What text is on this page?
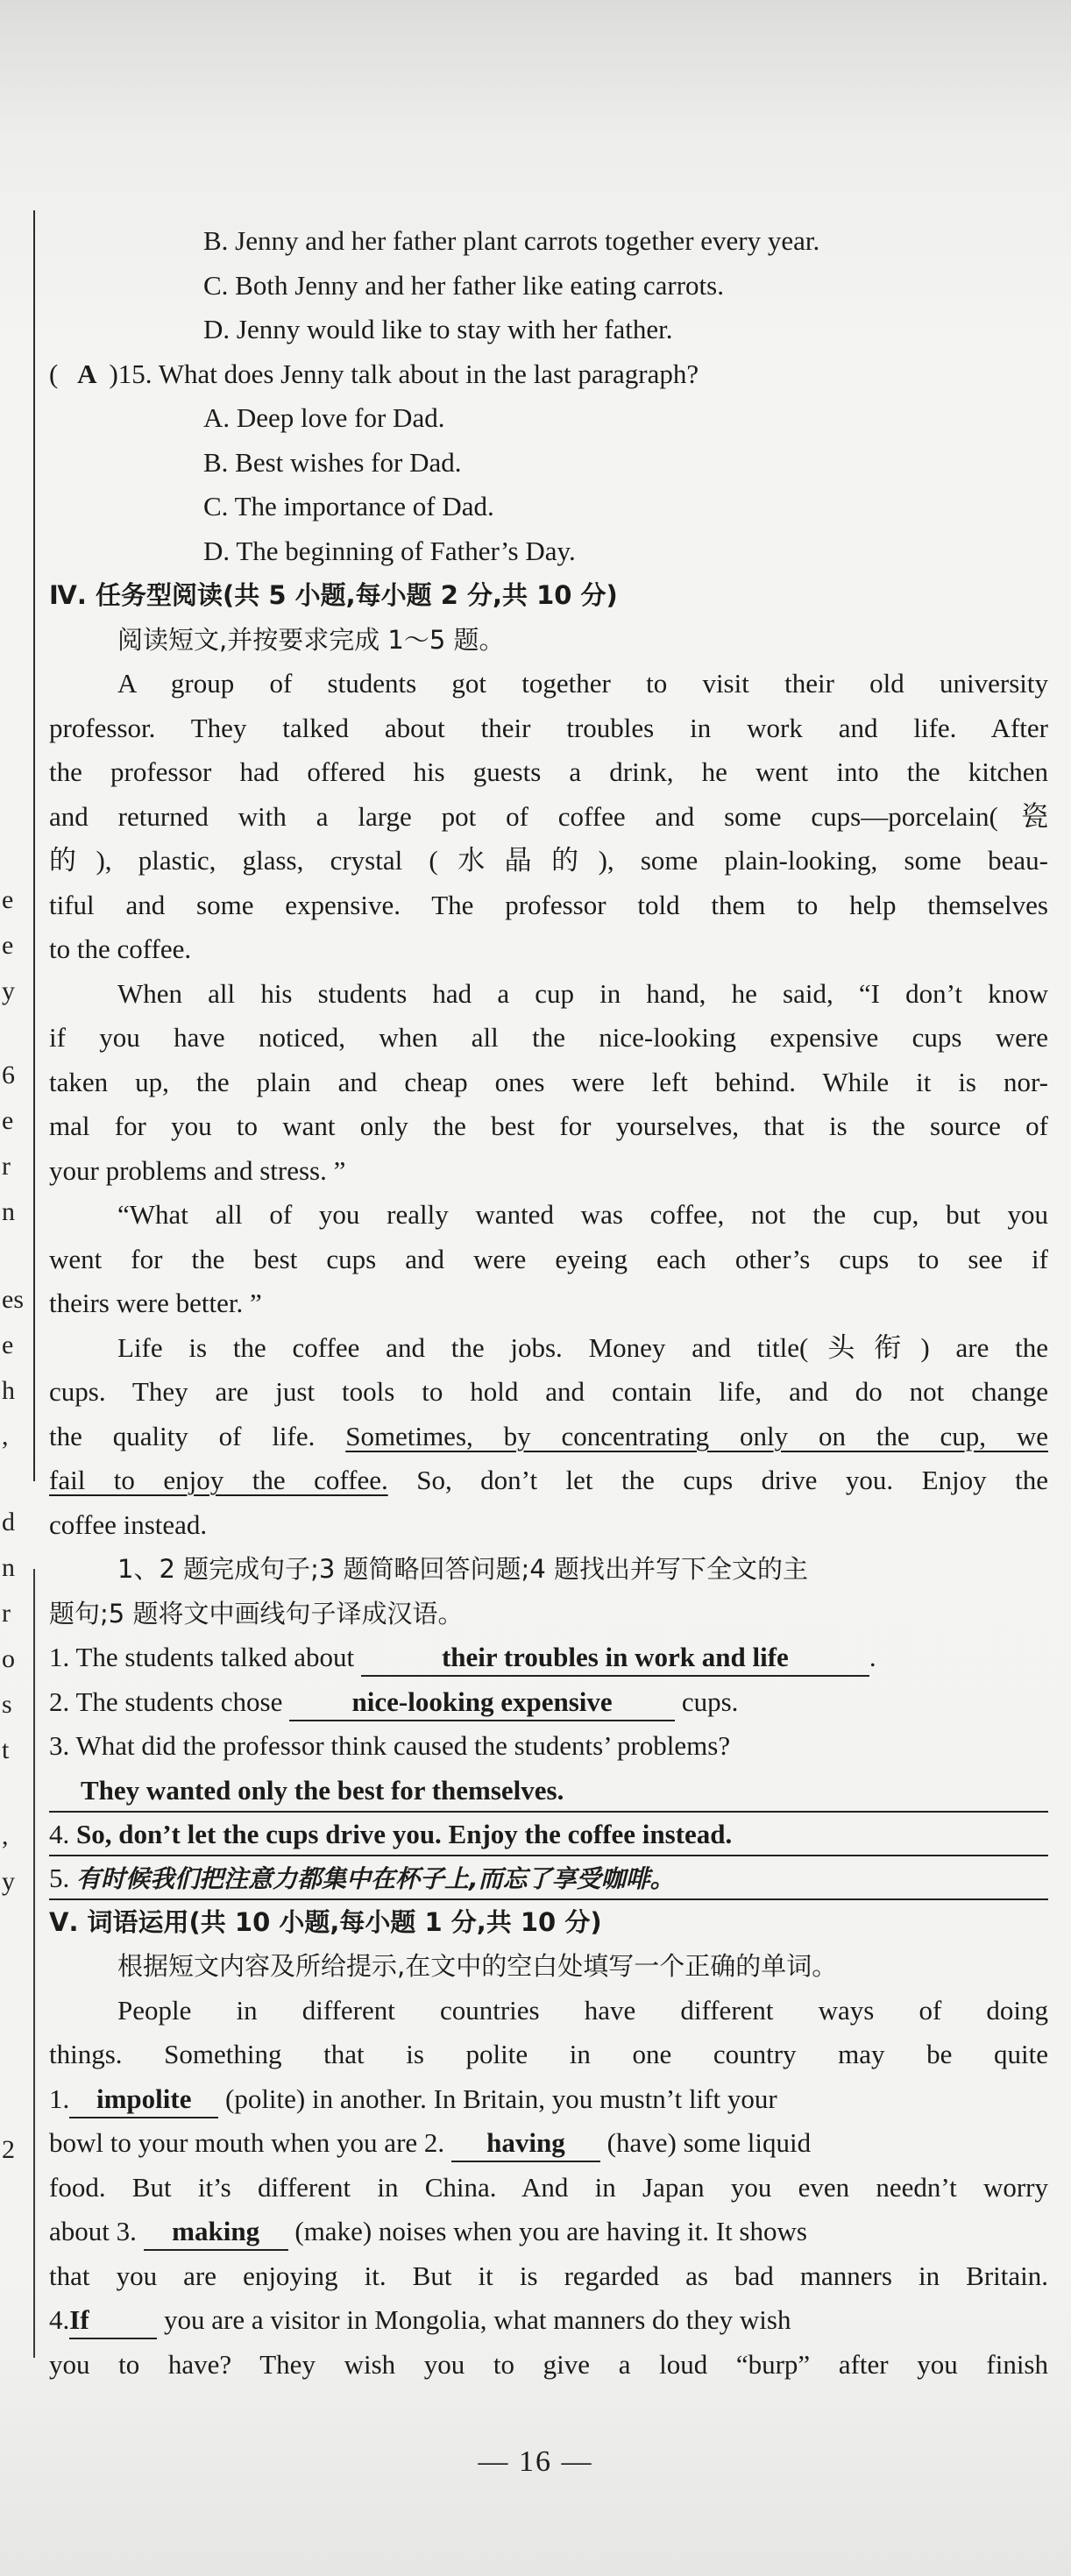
e
e
y
6
e
r
n
es
e
h
,
d
n
r
o
s
t
,
y
2
B. Jenny and her father plant carrots together every year.
C. Both Jenny and her father like eating carrots.
D. Jenny would like to stay with her father.
( A )15. What does Jenny talk about in the last paragraph?
A. Deep love for Dad.
B. Best wishes for Dad.
C. The importance of Dad.
D. The beginning of Father’s Day.
Ⅳ. 任务型阅读(共 5 小题,每小题 2 分,共 10 分)
阅读短文,并按要求完成 1～5 题。
A group of students got together to visit their old university
professor. They talked about their troubles in work and life. After
the professor had offered his guests a drink, he went into the kitchen
and returned with a large pot of coffee and some cups—porcelain(瓷
的), plastic, glass, crystal (水晶的), some plain-looking, some beau-
tiful and some expensive. The professor told them to help themselves
to the coffee.
When all his students had a cup in hand, he said, “I don’t know
if you have noticed, when all the nice-looking expensive cups were
taken up, the plain and cheap ones were left behind. While it is nor-
mal for you to want only the best for yourselves, that is the source of
your problems and stress. ”
“What all of you really wanted was coffee, not the cup, but you
went for the best cups and were eyeing each other’s cups to see if
theirs were better. ”
Life is the coffee and the jobs. Money and title(头衔) are the
cups. They are just tools to hold and contain life, and do not change
the quality of life. Sometimes, by concentrating only on the cup, we
fail to enjoy the coffee. So, don’t let the cups drive you. Enjoy the
coffee instead.
1、2 题完成句子;3 题简略回答问题;4 题找出并写下全文的主
题句;5 题将文中画线句子译成汉语。
1. The students talked about	their troubles in work and life	.
2. The students chose	nice-looking expensive	cups.
3. What did the professor think caused the students’ problems?
They wanted only the best for themselves.
4. So, don’t let the cups drive you. Enjoy the coffee instead.
5. 有时候我们把注意力都集中在杯子上,而忘了享受咖啡。
Ⅴ. 词语运用(共 10 小题,每小题 1 分,共 10 分)
根据短文内容及所给提示,在文中的空白处填写一个正确的单词。
People in different countries have different ways of doing
things. Something that is polite in one country may be quite
1. impolite (polite) in another. In Britain, you mustn’t lift your
bowl to your mouth when you are 2. having (have) some liquid
food. But it’s different in China. And in Japan you even needn’t worry
about 3. making (make) noises when you are having it. It shows
that you are enjoying it. But it is regarded as bad manners in Britain.
4.If	you are a visitor in Mongolia, what manners do they wish
you to have? They wish you to give a loud “burp” after you finish
— 16 —
